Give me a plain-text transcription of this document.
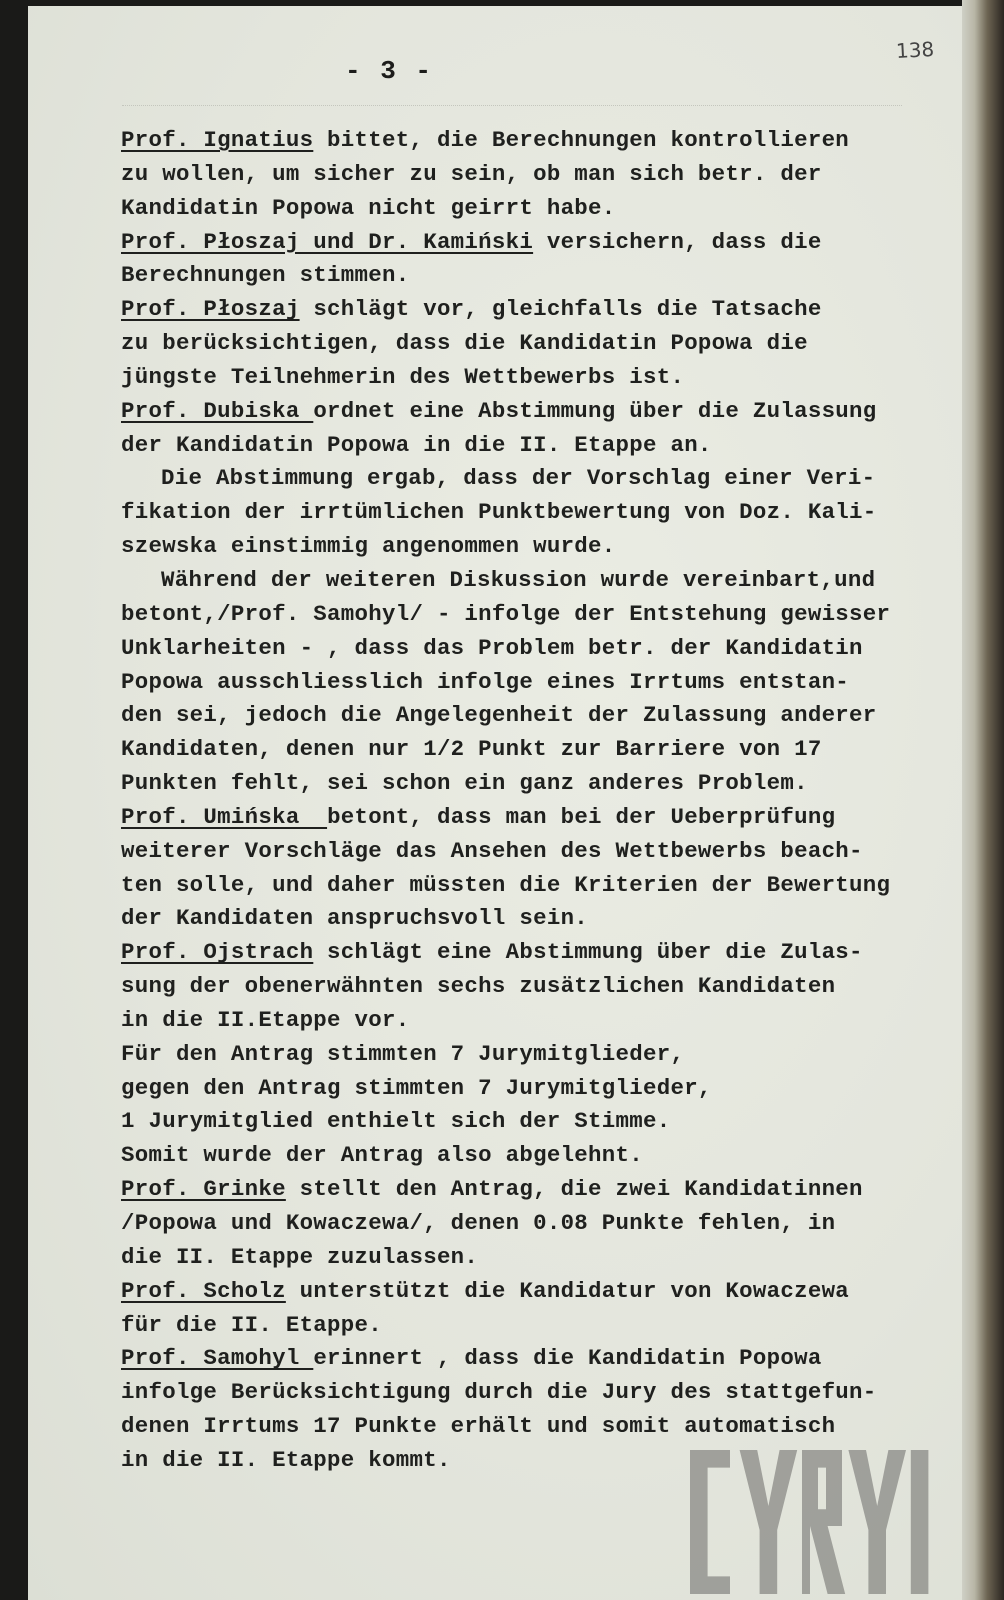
- 3 -
138
Prof. Ignatius bittet, die Berechnungen kontrollieren
zu wollen, um sicher zu sein, ob man sich betr. der
Kandidatin Popowa nicht geirrt habe.
Prof. Płoszaj und Dr. Kamiński versichern, dass die
Berechnungen stimmen.
Prof. Płoszaj schlägt vor, gleichfalls die Tatsache
zu berücksichtigen, dass die Kandidatin Popowa die
jüngste Teilnehmerin des Wettbewerbs ist.
Prof. Dubiska ordnet eine Abstimmung über die Zulassung
der Kandidatin Popowa in die II. Etappe an.
Die Abstimmung ergab, dass der Vorschlag einer Veri-
fikation der irrtümlichen Punktbewertung von Doz. Kali-
szewska einstimmig angenommen wurde.
Während der weiteren Diskussion wurde vereinbart,und
betont,/Prof. Samohyl/ - infolge der Entstehung gewisser
Unklarheiten - , dass das Problem betr. der Kandidatin
Popowa ausschliesslich infolge eines Irrtums entstan-
den sei, jedoch die Angelegenheit der Zulassung anderer
Kandidaten, denen nur 1/2 Punkt zur Barriere von 17
Punkten fehlt, sei schon ein ganz anderes Problem.
Prof. Umińska  betont, dass man bei der Ueberprüfung
weiterer Vorschläge das Ansehen des Wettbewerbs beach-
ten solle, und daher müssten die Kriterien der Bewertung
der Kandidaten anspruchsvoll sein.
Prof. Ojstrach schlägt eine Abstimmung über die Zulas-
sung der obenerwähnten sechs zusätzlichen Kandidaten
in die II.Etappe vor.
Für den Antrag stimmten 7 Jurymitglieder,
gegen den Antrag stimmten 7 Jurymitglieder,
1 Jurymitglied enthielt sich der Stimme.
Somit wurde der Antrag also abgelehnt.
Prof. Grinke stellt den Antrag, die zwei Kandidatinnen
/Popowa und Kowaczewa/, denen 0.08 Punkte fehlen, in
die II. Etappe zuzulassen.
Prof. Scholz unterstützt die Kandidatur von Kowaczewa
für die II. Etappe.
Prof. Samohyl erinnert , dass die Kandidatin Popowa
infolge Berücksichtigung durch die Jury des stattgefun-
denen Irrtums 17 Punkte erhält und somit automatisch
in die II. Etappe kommt.
